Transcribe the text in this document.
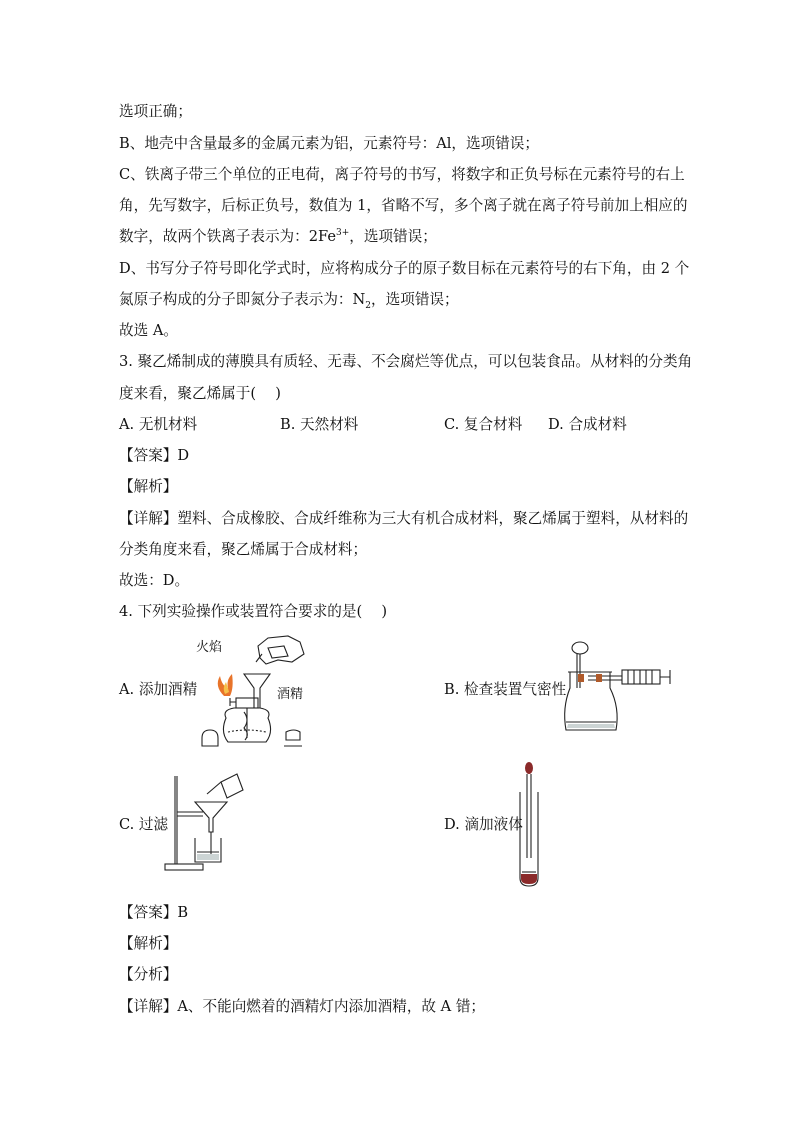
选项正确；
B、地壳中含量最多的金属元素为铝，元素符号：Al，选项错误；
C、铁离子带三个单位的正电荷，离子符号的书写，将数字和正负号标在元素符号的右上
角，先写数字，后标正负号，数值为 1，省略不写，多个离子就在离子符号前加上相应的
数字，故两个铁离子表示为：$2Fe^{3+}$，选项错误；
D、书写分子符号即化学式时，应将构成分子的原子数目标在元素符号的右下角，由 2 个
氮原子构成的分子即氮分子表示为：$N_2$，选项错误；
故选 A。
3. 聚乙烯制成的薄膜具有质轻、无毒、不会腐烂等优点，可以包装食品。从材料的分类角
度来看，聚乙烯属于(　 )
A. 无机材料	B. 天然材料	C. 复合材料 D. 合成材料
【答案】D
【解析】
【详解】塑料、合成橡胶、合成纤维称为三大有机合成材料，聚乙烯属于塑料，从材料的
分类角度来看，聚乙烯属于合成材料；
故选：D。
4. 下列实验操作或装置符合要求的是(　 )
A. 添加酒精	B. 检查装置气密性
C. 过滤	D. 滴加液体
火焰
酒精
【答案】B
【解析】
【分析】
【详解】A、不能向燃着的酒精灯内添加酒精，故 A 错；
